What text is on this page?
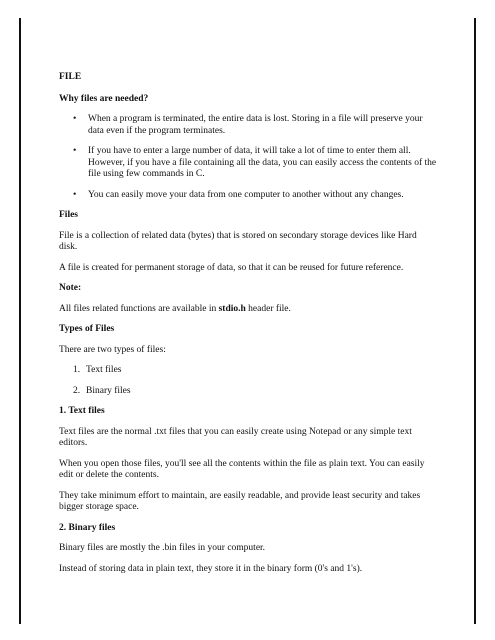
FILE
Why files are needed?
• When a program is terminated, the entire data is lost. Storing in a file will preserve your data even if the program terminates.
• If you have to enter a large number of data, it will take a lot of time to enter them all. However, if you have a file containing all the data, you can easily access the contents of the file using few commands in C.
• You can easily move your data from one computer to another without any changes.
Files

File is a collection of related data (bytes) that is stored on secondary storage devices like Hard disk.

A file is created for permanent storage of data, so that it can be reused for future reference.

Note:

All files related functions are available in stdio.h header file.

Types of Files

There are two types of files:

1. Text files
2. Binary files
1. Text files

Text files are the normal .txt files that you can easily create using Notepad or any simple text editors.

When you open those files, you'll see all the contents within the file as plain text. You can easily edit or delete the contents.

They take minimum effort to maintain, are easily readable, and provide least security and takes bigger storage space.

2. Binary files

Binary files are mostly the .bin files in your computer.

Instead of storing data in plain text, they store it in the binary form (0's and 1's).
